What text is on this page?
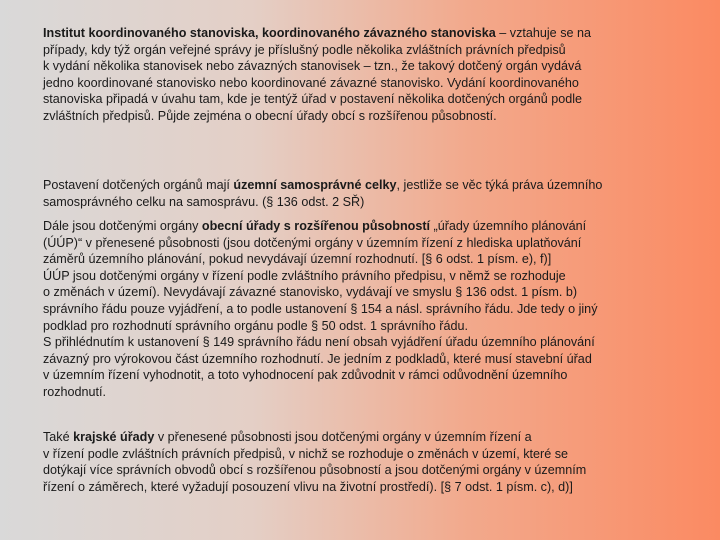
Institut koordinovaného stanoviska, koordinovaného závazného stanoviska – vztahuje se na
případy, kdy týž orgán veřejné správy je příslušný podle několika zvláštních právních předpisů
k vydání několika stanovisek nebo závazných stanovisek – tzn., že takový dotčený orgán vydává
jedno koordinované stanovisko nebo koordinované závazné stanovisko. Vydání koordinovaného
stanoviska připadá v úvahu tam, kde je tentýž úřad v postavení několika dotčených orgánů podle
zvláštních předpisů. Půjde zejména o obecní úřady obcí s rozšířenou působností.
Postavení dotčených orgánů mají územní samosprávné celky, jestliže se věc týká práva územního
samosprávného celku na samosprávu. (§ 136 odst. 2 SŘ)
Dále jsou dotčenými orgány obecní úřady s rozšířenou působností „úřady územního plánování
(ÚÚP)“ v přenesené působnosti (jsou dotčenými orgány v územním řízení z hlediska uplatňování
záměrů územního plánování, pokud nevydávají územní rozhodnutí. [§ 6 odst. 1 písm. e), f)]
ÚÚP jsou dotčenými orgány v řízení podle zvláštního právního předpisu, v němž se rozhoduje
o změnách v území). Nevydávají závazné stanovisko, vydávají ve smyslu § 136 odst. 1 písm. b)
správního řádu pouze vyjádření, a to podle ustanovení § 154 a násl. správního řádu. Jde tedy o jiný
podklad pro rozhodnutí správního orgánu podle § 50 odst. 1 správního řádu.
S přihlédnutím k ustanovení § 149 správního řádu není obsah vyjádření úřadu územního plánování
závazný pro výrokovou část územního rozhodnutí. Je jedním z podkladů, které musí stavební úřad
v územním řízení vyhodnotit, a toto vyhodnocení pak zdůvodnit v rámci odůvodnění územního
rozhodnutí.
Také krajské úřady v přenesené působnosti jsou dotčenými orgány v územním řízení a
v řízení podle zvláštních právních předpisů, v nichž se rozhoduje o změnách v území, které se
dotýkají více správních obvodů obcí s rozšířenou působností a jsou dotčenými orgány v územním
řízení o záměrech, které vyžadují posouzení vlivu na životní prostředí). [§ 7 odst. 1 písm. c), d)]
